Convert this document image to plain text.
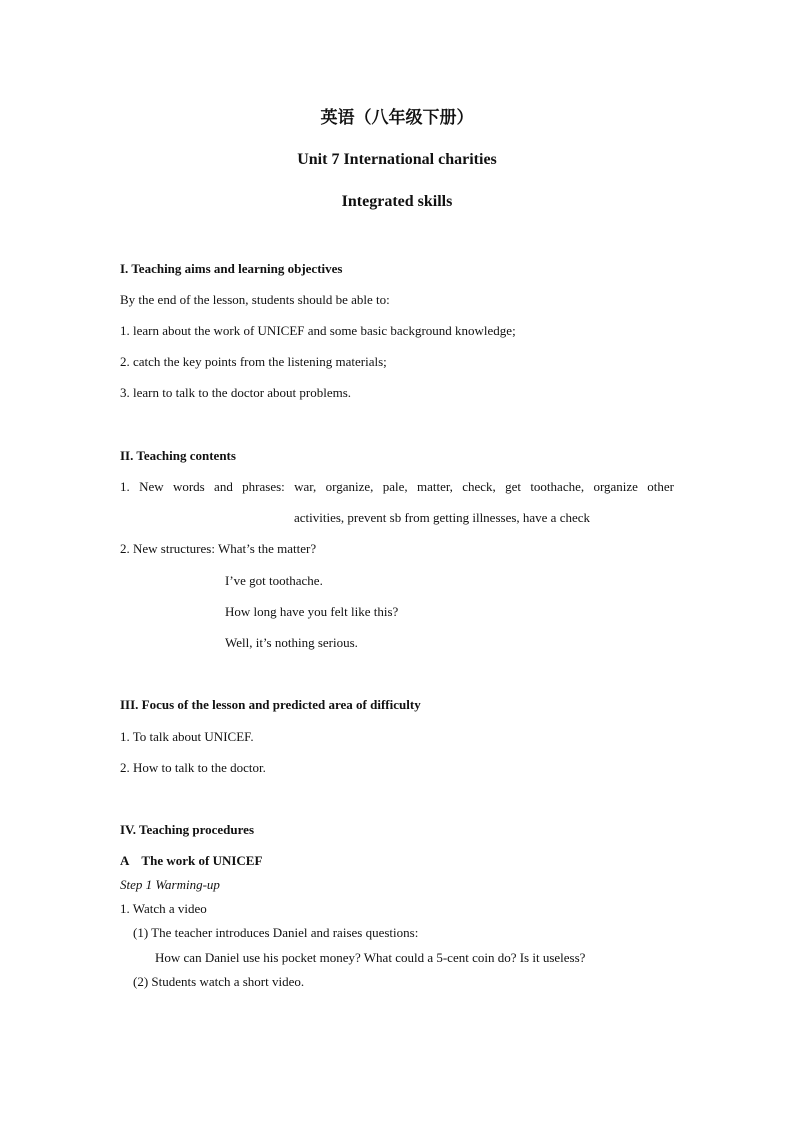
英语（八年级下册）
Unit 7 International charities
Integrated skills
I. Teaching aims and learning objectives
By the end of the lesson, students should be able to:
1. learn about the work of UNICEF and some basic background knowledge;
2. catch the key points from the listening materials;
3. learn to talk to the doctor about problems.
II. Teaching contents
1. New words and phrases: war, organize, pale, matter, check, get toothache, organize other
activities, prevent sb from getting illnesses, have a check
2. New structures: What’s the matter?
I’ve got toothache.
How long have you felt like this?
Well, it’s nothing serious.
III. Focus of the lesson and predicted area of difficulty
1. To talk about UNICEF.
2. How to talk to the doctor.
IV. Teaching procedures
A    The work of UNICEF
Step 1 Warming-up
1. Watch a video
(1) The teacher introduces Daniel and raises questions:
How can Daniel use his pocket money? What could a 5-cent coin do? Is it useless?
(2) Students watch a short video.
